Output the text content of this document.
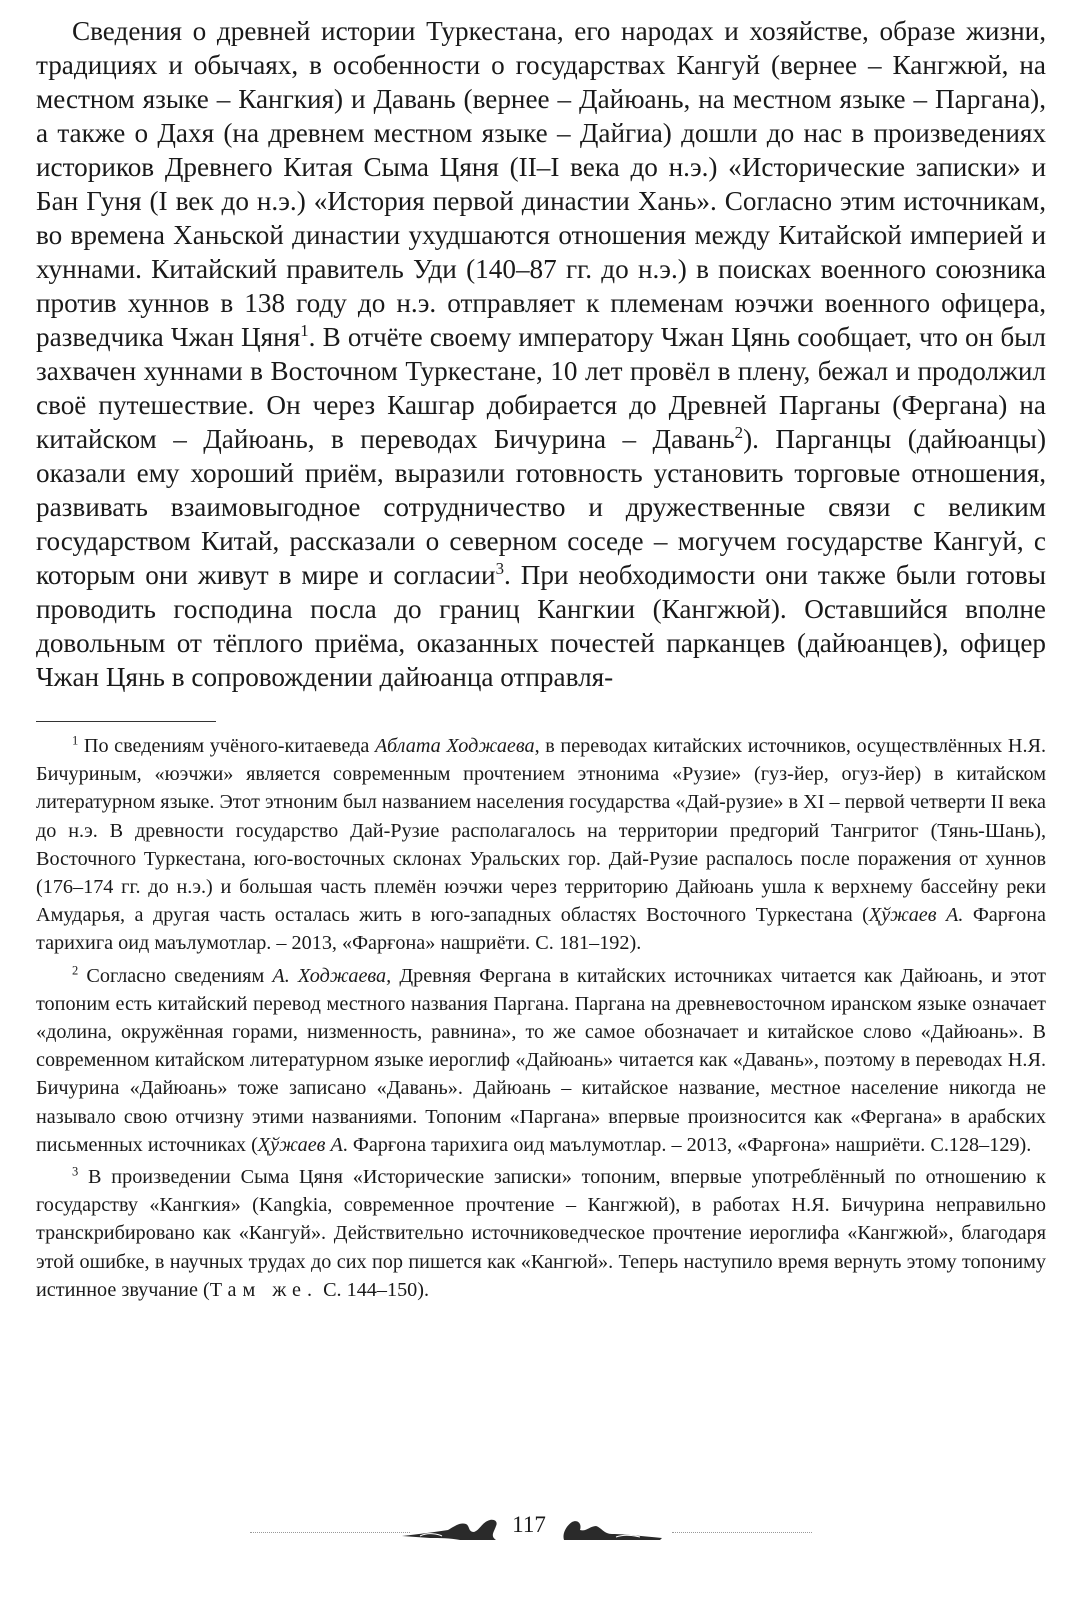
Сведения о древней истории Туркестана, его народах и хозяйстве, образе жизни, традициях и обычаях, в особенности о государствах Кангуй (вернее – Кангжюй, на местном языке – Кангкия) и Давань (вернее – Дайюань, на местном языке – Паргана), а также о Дахя (на древнем местном языке – Дайгиа) дошли до нас в произведениях историков Древнего Китая Сыма Цяня (II–I века до н.э.) «Исторические записки» и Бан Гуня (I век до н.э.) «История первой династии Хань». Согласно этим источникам, во времена Ханьской династии ухудшаются отношения между Китайской империей и хуннами. Китайский правитель Уди (140–87 гг. до н.э.) в поисках военного союзника против хуннов в 138 году до н.э. отправляет к племенам юэчжи военного офицера, разведчика Чжан Цяня$^1$. В отчёте своему императору Чжан Цянь сообщает, что он был захвачен хуннами в Восточном Туркестане, 10 лет провёл в плену, бежал и продолжил своё путешествие. Он через Кашгар добирается до Древней Парганы (Фергана) на китайском – Дайюань, в переводах Бичурина – Давань$^2$). Парганцы (дайюанцы) оказали ему хороший приём, выразили готовность установить торговые отношения, развивать взаимовыгодное сотрудничество и дружественные связи с великим государством Китай, рассказали о северном соседе – могучем государстве Кангуй, с которым они живут в мире и согласии$^3$. При необходимости они также были готовы проводить господина посла до границ Кангкии (Кангжюй). Оставшийся вполне довольным от тёплого приёма, оказанных почестей парканцев (дайюанцев), офицер Чжан Цянь в сопровождении дайюанца отправля-

$^1$ По сведениям учёного-китаеведа Аблата Ходжаева, в переводах китайских источников, осуществлённых Н.Я. Бичуриным, «юэчжи» является современным прочтением этнонима «Рузие» (гуз-йер, огуз-йер) в китайском литературном языке. Этот этноним был названием населения государства «Дай-рузие» в XI – первой четверти II века до н.э. В древности государство Дай-Рузие располагалось на территории предгорий Тангритог (Тянь-Шань), Восточного Туркестана, юго-восточных склонах Уральских гор. Дай-Рузие распалось после поражения от хуннов (176–174 гг. до н.э.) и большая часть племён юэчжи через территорию Дайюань ушла к верхнему бассейну реки Амударья, а другая часть осталась жить в юго-западных областях Восточного Туркестана (Ҳўжаев А. Фарғона тарихига оид маълумотлар. – 2013, «Фарғона» нашриёти. С. 181–192).

$^2$ Согласно сведениям А. Ходжаева, Древняя Фергана в китайских источниках читается как Дайюань, и этот топоним есть китайский перевод местного названия Паргана. Паргана на древневосточном иранском языке означает «долина, окружённая горами, низменность, равнина», то же самое обозначает и китайское слово «Дайюань». В современном китайском литературном языке иероглиф «Дайюань» читается как «Давань», поэтому в переводах Н.Я. Бичурина «Дайюань» тоже записано «Давань». Дайюань – китайское название, местное население никогда не называло свою отчизну этими названиями. Топоним «Паргана» впервые произносится как «Фергана» в арабских письменных источниках (Ҳўжаев А. Фарғона тарихига оид маълумотлар. – 2013, «Фарғона» нашриёти. С.128–129).

$^3$ В произведении Сыма Цяня «Исторические записки» топоним, впервые употреблённый по отношению к государству «Кангкия» (Kangkia, современное прочтение – Кангжюй), в работах Н.Я. Бичурина неправильно транскрибировано как «Кангуй». Действительно источниковедческое прочтение иероглифа «Кангжюй», благодаря этой ошибке, в научных трудах до сих пор пишется как «Кангюй». Теперь наступило время вернуть этому топониму истинное звучание (Там же. С. 144–150).

117
